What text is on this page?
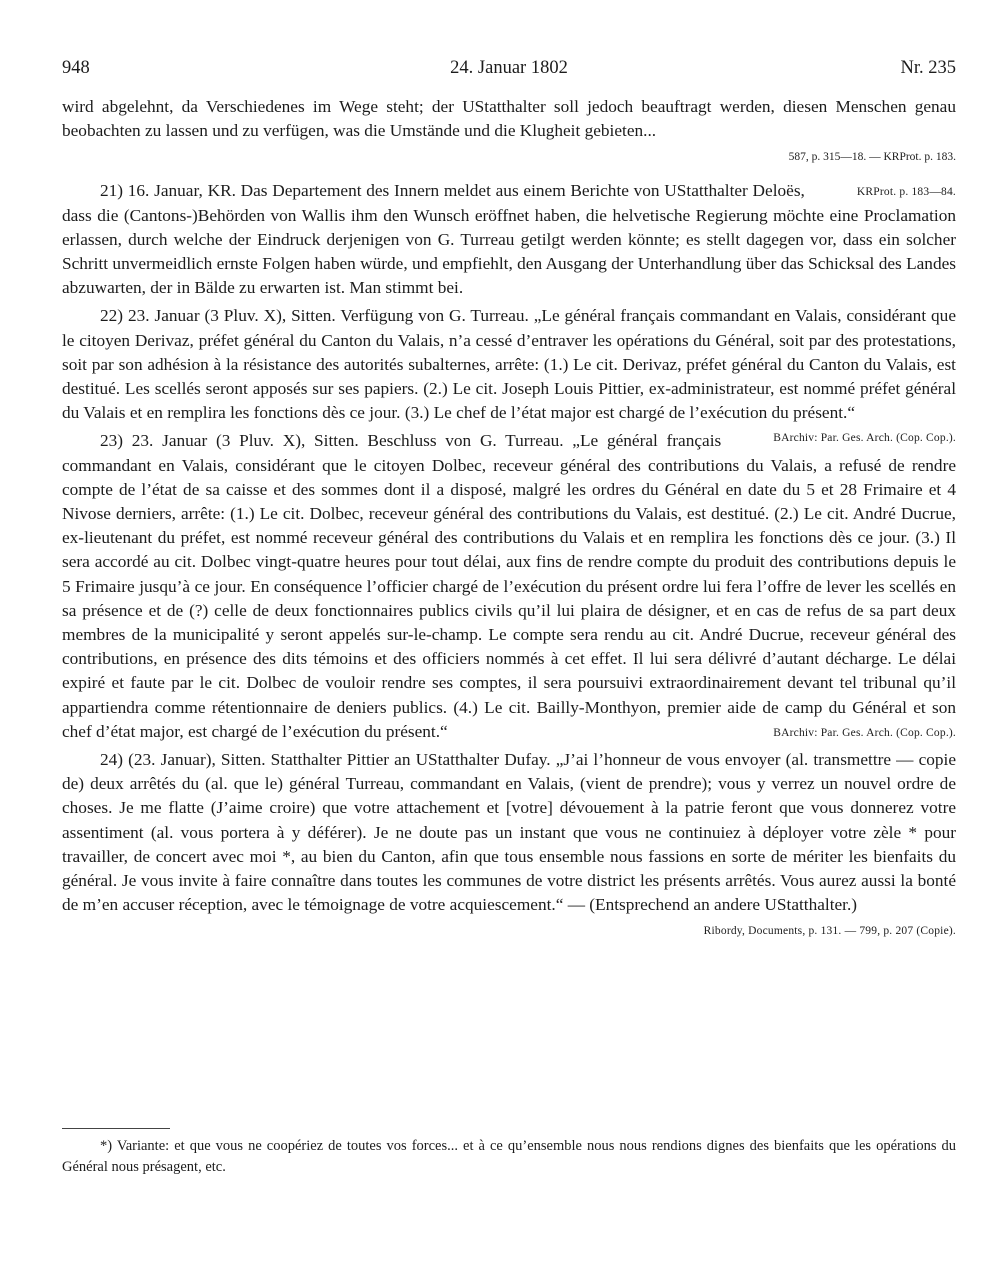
948	24. Januar 1802	Nr. 235

wird abgelehnt, da Verschiedenes im Wege steht; der UStatthalter soll jedoch beauftragt werden, diesen Menschen genau beobachten zu lassen und zu verfügen, was die Umstände und die Klugheit gebieten...

587, p. 315—18. — KRProt. p. 183.

KRProt. p. 183—84.
21) 16. Januar, KR. Das Departement des Innern meldet aus einem Berichte von UStatthalter Deloës, dass die (Cantons-)Behörden von Wallis ihm den Wunsch eröffnet haben, die helvetische Regierung möchte eine Proclamation erlassen, durch welche der Eindruck derjenigen von G. Turreau getilgt werden könnte; es stellt dagegen vor, dass ein solcher Schritt unvermeidlich ernste Folgen haben würde, und empfiehlt, den Ausgang der Unterhandlung über das Schicksal des Landes abzuwarten, der in Bälde zu erwarten ist. Man stimmt bei.

22) 23. Januar (3 Pluv. X), Sitten. Verfügung von G. Turreau. „Le général français commandant en Valais, considérant que le citoyen Derivaz, préfet général du Canton du Valais, n’a cessé d’entraver les opérations du Général, soit par des protestations, soit par son adhésion à la résistance des autorités subalternes, arrête: (1.) Le cit. Derivaz, préfet général du Canton du Valais, est destitué. Les scellés seront apposés sur ses papiers. (2.) Le cit. Joseph Louis Pittier, ex-administrateur, est nommé préfet général du Valais et en remplira les fonctions dès ce jour. (3.) Le chef de l’état major est chargé de l’exécution du présent.“
BArchiv: Par. Ges. Arch. (Cop. Cop.).

23) 23. Januar (3 Pluv. X), Sitten. Beschluss von G. Turreau. „Le général français commandant en Valais, considérant que le citoyen Dolbec, receveur général des contributions du Valais, a refusé de rendre compte de l’état de sa caisse et des sommes dont il a disposé, malgré les ordres du Général en date du 5 et 28 Frimaire et 4 Nivose derniers, arrête: (1.) Le cit. Dolbec, receveur général des contributions du Valais, est destitué. (2.) Le cit. André Ducrue, ex-lieutenant du préfet, est nommé receveur général des contributions du Valais et en remplira les fonctions dès ce jour. (3.) Il sera accordé au cit. Dolbec vingt-quatre heures pour tout délai, aux fins de rendre compte du produit des contributions depuis le 5 Frimaire jusqu’à ce jour. En conséquence l’officier chargé de l’exécution du présent ordre lui fera l’offre de lever les scellés en sa présence et de (?) celle de deux fonctionnaires publics civils qu’il lui plaira de désigner, et en cas de refus de sa part deux membres de la municipalité y seront appelés sur-le-champ. Le compte sera rendu au cit. André Ducrue, receveur général des contributions, en présence des dits témoins et des officiers nommés à cet effet. Il lui sera délivré d’autant décharge. Le délai expiré et faute par le cit. Dolbec de vouloir rendre ses comptes, il sera poursuivi extraordinairement devant tel tribunal qu’il appartiendra comme rétentionnaire de deniers publics. (4.) Le cit. Bailly-Monthyon, premier aide de camp du Général et son chef d’état major, est chargé de l’exécution du présent.“	BArchiv: Par. Ges. Arch. (Cop. Cop.).

24) (23. Januar), Sitten. Statthalter Pittier an UStatthalter Dufay. „J’ai l’honneur de vous envoyer (al. transmettre — copie de) deux arrêtés du (al. que le) général Turreau, commandant en Valais, (vient de prendre); vous y verrez un nouvel ordre de choses. Je me flatte (J’aime croire) que votre attachement et [votre] dévouement à la patrie feront que vous donnerez votre assentiment (al. vous portera à y déférer). Je ne doute pas un instant que vous ne continuiez à déployer votre zèle * pour travailler, de concert avec moi *, au bien du Canton, afin que tous ensemble nous fassions en sorte de mériter les bienfaits du général. Je vous invite à faire connaître dans toutes les communes de votre district les présents arrêtés. Vous aurez aussi la bonté de m’en accuser réception, avec le témoignage de votre acquiescement.“ — (Entsprechend an andere UStatthalter.)
Ribordy, Documents, p. 131. — 799, p. 207 (Copie).

*) Variante: et que vous ne coopériez de toutes vos forces... et à ce qu’ensemble nous nous rendions dignes des bienfaits que les opérations du Général nous présagent, etc.
